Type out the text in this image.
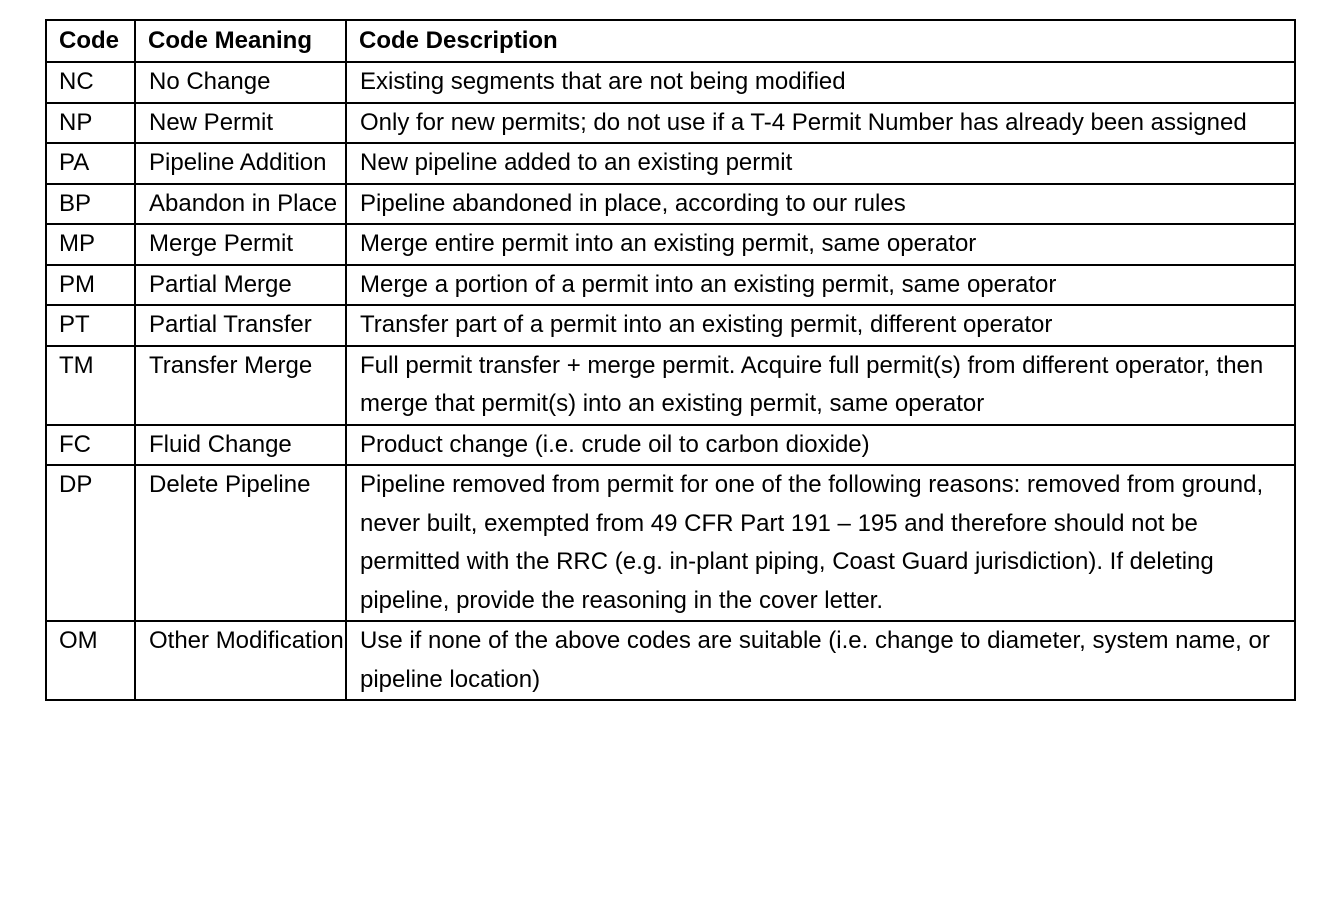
Code	Code Meaning	Code Description
NC	No Change	Existing segments that are not being modified
NP	New Permit	Only for new permits; do not use if a T-4 Permit Number has already been assigned
PA	Pipeline Addition	New pipeline added to an existing permit
BP	Abandon in Place	Pipeline abandoned in place, according to our rules
MP	Merge Permit	Merge entire permit into an existing permit, same operator
PM	Partial Merge	Merge a portion of a permit into an existing permit, same operator
PT	Partial Transfer	Transfer part of a permit into an existing permit, different operator
TM	Transfer Merge	Full permit transfer + merge permit. Acquire full permit(s) from different operator, then merge that permit(s) into an existing permit, same operator
FC	Fluid Change	Product change (i.e. crude oil to carbon dioxide)
DP	Delete Pipeline	Pipeline removed from permit for one of the following reasons: removed from ground, never built, exempted from 49 CFR Part 191 – 195 and therefore should not be permitted with the RRC (e.g. in-plant piping, Coast Guard jurisdiction). If deleting pipeline, provide the reasoning in the cover letter.
OM	Other Modification	Use if none of the above codes are suitable (i.e. change to diameter, system name, or pipeline location)
